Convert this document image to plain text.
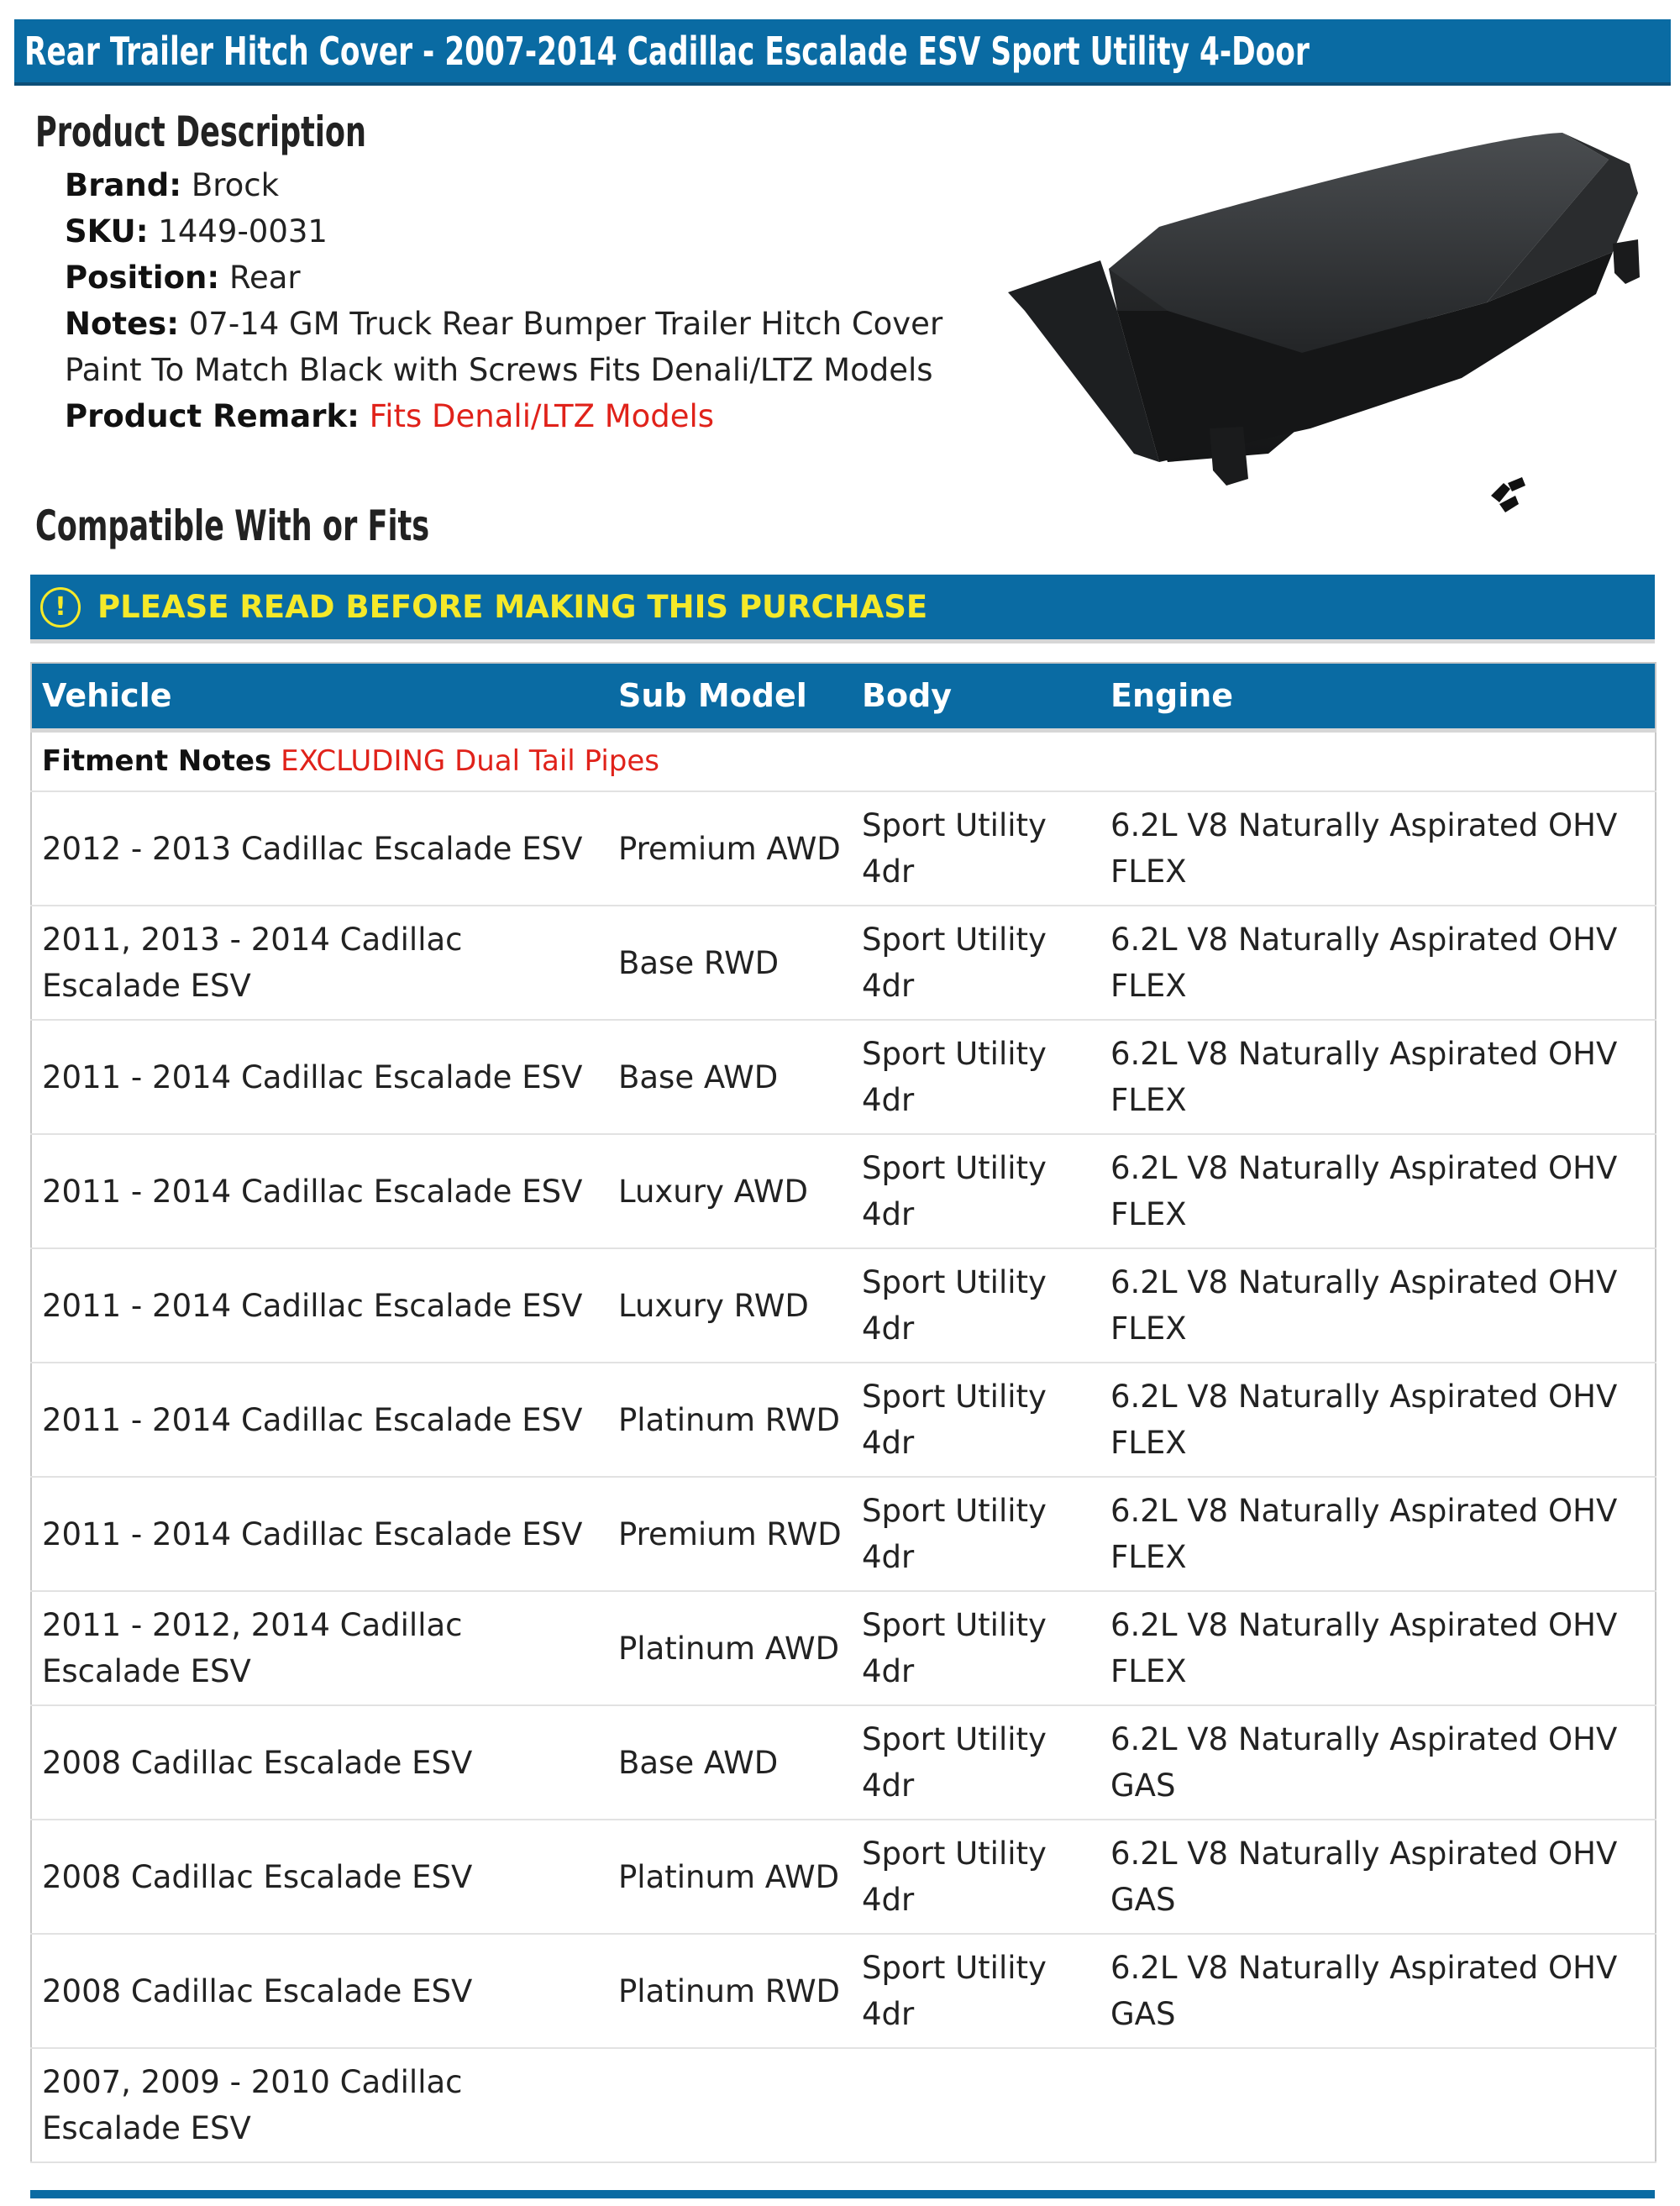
Rear Trailer Hitch Cover - 2007-2014 Cadillac Escalade ESV Sport Utility 4-Door
Product Description
Brand: Brock
SKU: 1449-0031
Position: Rear
Notes: 07-14 GM Truck Rear Bumper Trailer Hitch Cover
Paint To Match Black with Screws Fits Denali/LTZ Models
Product Remark: Fits Denali/LTZ Models
Compatible With or Fits
!	PLEASE READ BEFORE MAKING THIS PURCHASE
Vehicle	Sub Model	Body	Engine
Fitment Notes EXCLUDING Dual Tail Pipes			
2012 - 2013 Cadillac Escalade ESV	Premium AWD	Sport Utility 4dr	6.2L V8 Naturally Aspirated OHV FLEX
2011, 2013 - 2014 Cadillac Escalade ESV	Base RWD	Sport Utility 4dr	6.2L V8 Naturally Aspirated OHV FLEX
2011 - 2014 Cadillac Escalade ESV	Base AWD	Sport Utility 4dr	6.2L V8 Naturally Aspirated OHV FLEX
2011 - 2014 Cadillac Escalade ESV	Luxury AWD	Sport Utility 4dr	6.2L V8 Naturally Aspirated OHV FLEX
2011 - 2014 Cadillac Escalade ESV	Luxury RWD	Sport Utility 4dr	6.2L V8 Naturally Aspirated OHV FLEX
2011 - 2014 Cadillac Escalade ESV	Platinum RWD	Sport Utility 4dr	6.2L V8 Naturally Aspirated OHV FLEX
2011 - 2014 Cadillac Escalade ESV	Premium RWD	Sport Utility 4dr	6.2L V8 Naturally Aspirated OHV FLEX
2011 - 2012, 2014 Cadillac Escalade ESV	Platinum AWD	Sport Utility 4dr	6.2L V8 Naturally Aspirated OHV FLEX
2008 Cadillac Escalade ESV	Base AWD	Sport Utility 4dr	6.2L V8 Naturally Aspirated OHV GAS
2008 Cadillac Escalade ESV	Platinum AWD	Sport Utility 4dr	6.2L V8 Naturally Aspirated OHV GAS
2008 Cadillac Escalade ESV	Platinum RWD	Sport Utility 4dr	6.2L V8 Naturally Aspirated OHV GAS
2007, 2009 - 2010 Cadillac Escalade ESV			
